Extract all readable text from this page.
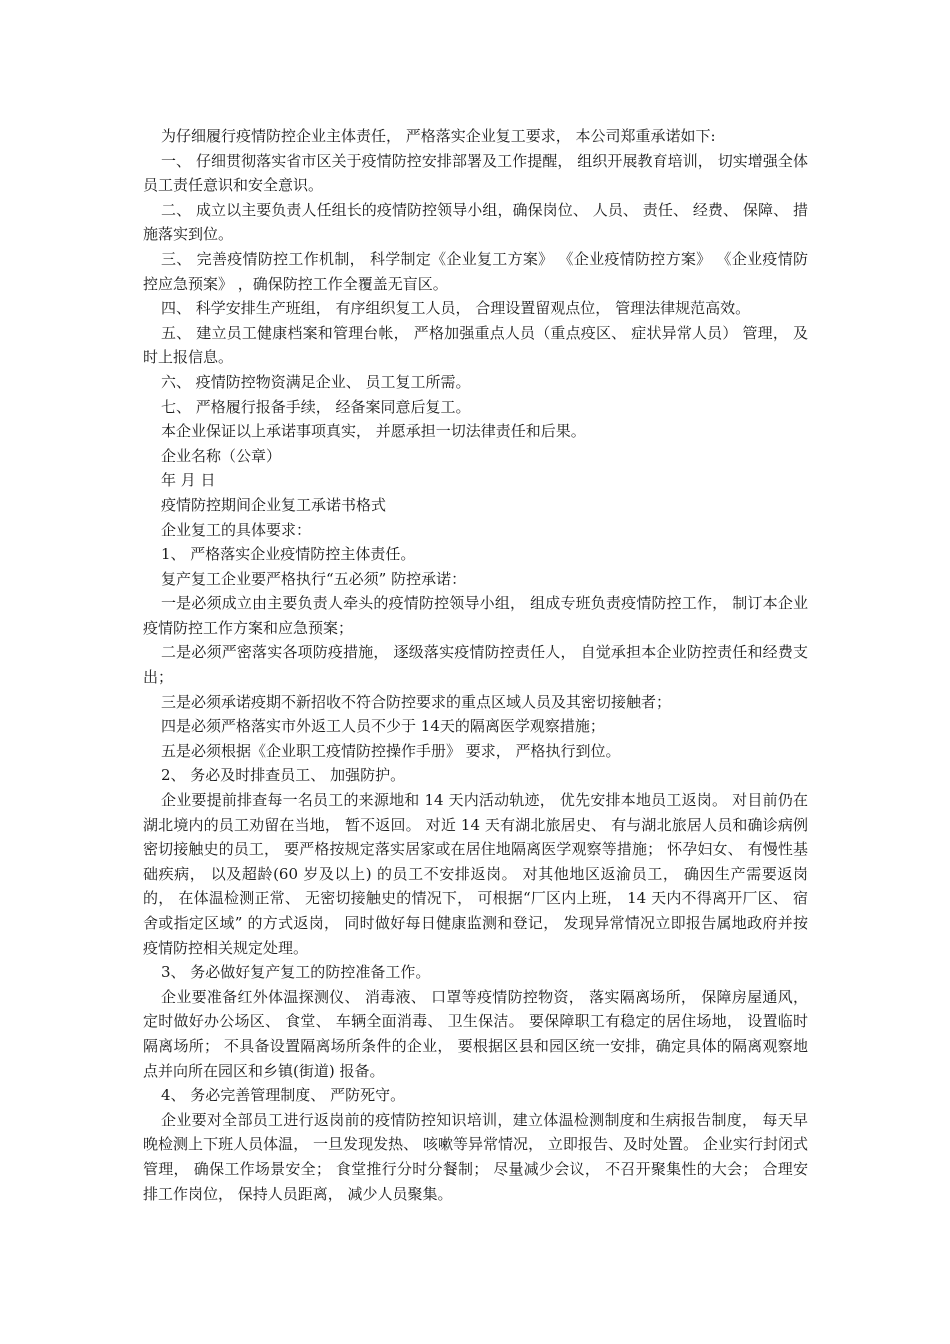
为仔细履行疫情防控企业主体责任， 严格落实企业复工要求， 本公司郑重承诺如下:

一、 仔细贯彻落实省市区关于疫情防控安排部署及工作提醒， 组织开展教育培训， 切实增强全体员工责任意识和安全意识。

二、 成立以主要负责人任组长的疫情防控领导小组，确保岗位、 人员、 责任、 经费、 保障、 措施落实到位。

三、 完善疫情防控工作机制， 科学制定《企业复工方案》 《企业疫情防控方案》 《企业疫情防控应急预案》 ，确保防控工作全覆盖无盲区。

四、 科学安排生产班组， 有序组织复工人员， 合理设置留观点位， 管理法律规范高效。

五、 建立员工健康档案和管理台帐， 严格加强重点人员（重点疫区、 症状异常人员） 管理， 及时上报信息。

六、 疫情防控物资满足企业、 员工复工所需。

七、 严格履行报备手续， 经备案同意后复工。

本企业保证以上承诺事项真实， 并愿承担一切法律责任和后果。

企业名称（公章）

年 月 日

疫情防控期间企业复工承诺书格式

企业复工的具体要求：

1、 严格落实企业疫情防控主体责任。

复产复工企业要严格执行“五必须” 防控承诺：

一是必须成立由主要负责人牵头的疫情防控领导小组， 组成专班负责疫情防控工作， 制订本企业疫情防控工作方案和应急预案；

二是必须严密落实各项防疫措施， 逐级落实疫情防控责任人， 自觉承担本企业防控责任和经费支出；

三是必须承诺疫期不新招收不符合防控要求的重点区域人员及其密切接触者；

四是必须严格落实市外返工人员不少于 14天的隔离医学观察措施；

五是必须根据《企业职工疫情防控操作手册》 要求， 严格执行到位。

2、 务必及时排查员工、 加强防护。

企业要提前排查每一名员工的来源地和 14 天内活动轨迹， 优先安排本地员工返岗。 对目前仍在湖北境内的员工劝留在当地， 暂不返回。 对近 14 天有湖北旅居史、 有与湖北旅居人员和确诊病例密切接触史的员工， 要严格按规定落实居家或在居住地隔离医学观察等措施； 怀孕妇女、 有慢性基础疾病， 以及超龄(60 岁及以上) 的员工不安排返岗。 对其他地区返渝员工， 确因生产需要返岗的， 在体温检测正常、 无密切接触史的情况下， 可根据“厂区内上班， 14 天内不得离开厂区、 宿舍或指定区域” 的方式返岗， 同时做好每日健康监测和登记， 发现异常情况立即报告属地政府并按疫情防控相关规定处理。

3、 务必做好复产复工的防控准备工作。

企业要准备红外体温探测仪、 消毒液、 口罩等疫情防控物资， 落实隔离场所， 保障房屋通风， 定时做好办公场区、 食堂、 车辆全面消毒、 卫生保洁。 要保障职工有稳定的居住场地， 设置临时隔离场所； 不具备设置隔离场所条件的企业， 要根据区县和园区统一安排，确定具体的隔离观察地点并向所在园区和乡镇(街道) 报备。

4、 务必完善管理制度、 严防死守。

企业要对全部员工进行返岗前的疫情防控知识培训，建立体温检测制度和生病报告制度， 每天早晚检测上下班人员体温， 一旦发现发热、 咳嗽等异常情况， 立即报告、及时处置。 企业实行封闭式管理， 确保工作场景安全； 食堂推行分时分餐制； 尽量减少会议， 不召开聚集性的大会； 合理安排工作岗位， 保持人员距离， 减少人员聚集。
